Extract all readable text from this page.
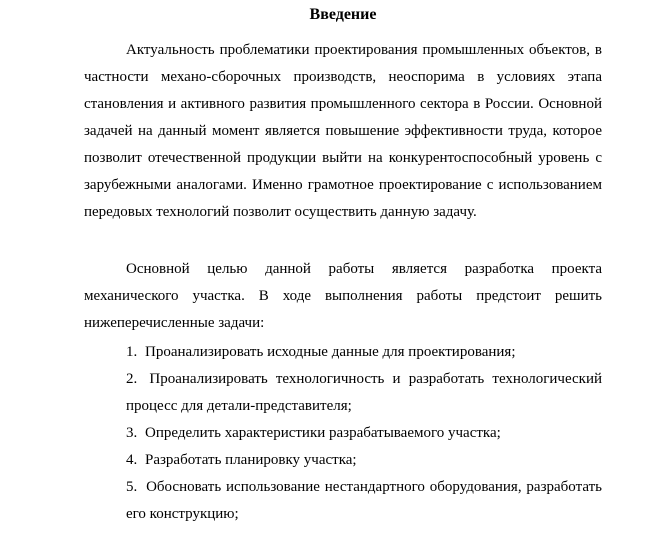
Введение

Актуальность проблематики проектирования промышленных объектов, в частности механо-сборочных производств, неоспорима в условиях этапа становления и активного развития промышленного сектора в России. Основной задачей на данный момент является повышение эффективности труда, которое позволит отечественной продукции выйти на конкурентоспособный уровень с зарубежными аналогами. Именно грамотное проектирование с использованием передовых технологий позволит осуществить данную задачу.

Основной целью данной работы является разработка проекта механического участка. В ходе выполнения работы предстоит решить нижеперечисленные задачи:

1. Проанализировать исходные данные для проектирования;
2. Проанализировать технологичность и разработать технологический процесс для детали-представителя;
3. Определить характеристики разрабатываемого участка;
4. Разработать планировку участка;
5. Обосновать использование нестандартного оборудования, разработать его конструкцию;
